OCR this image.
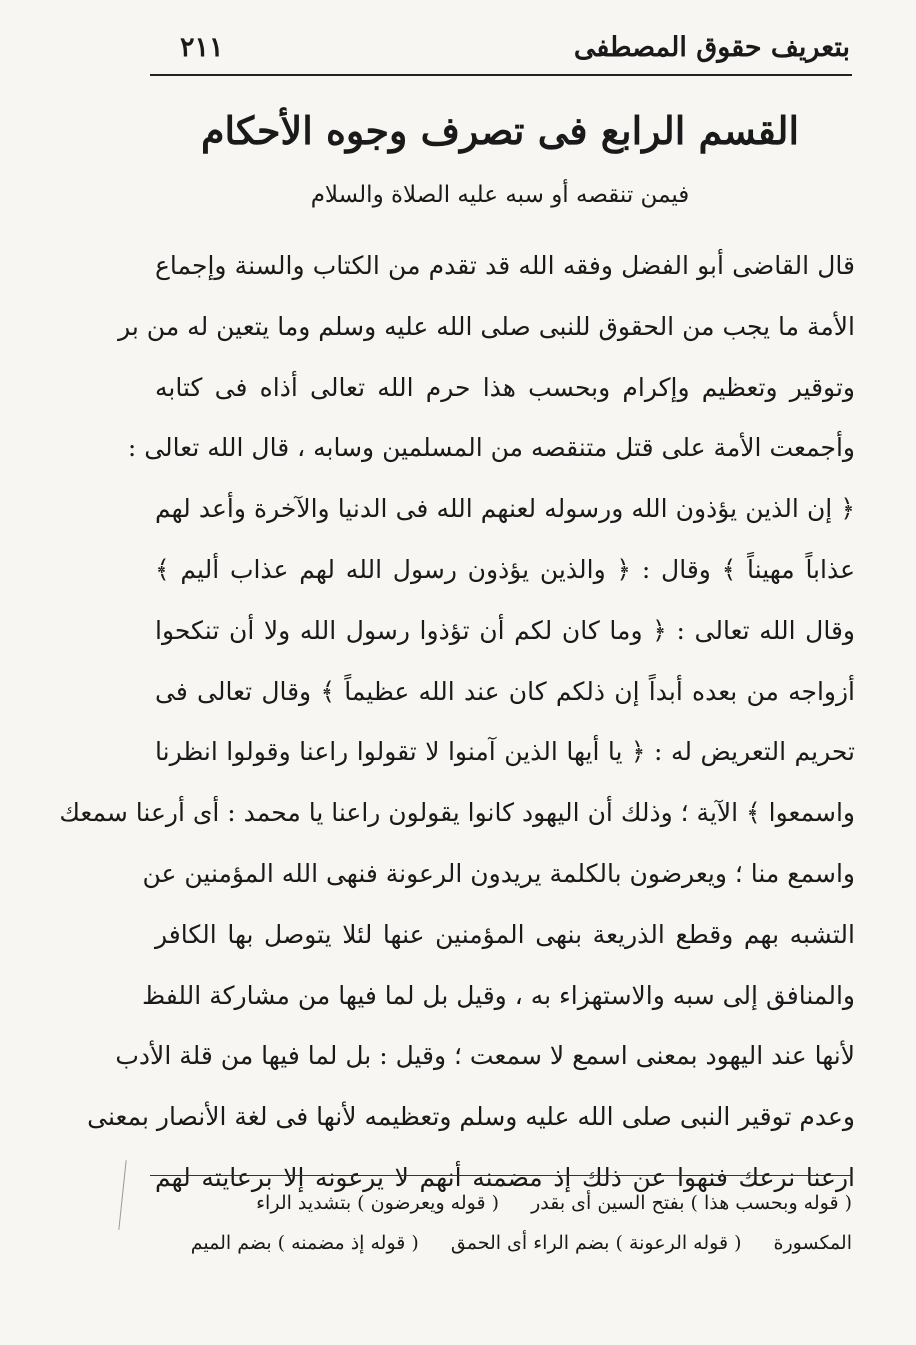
بتعريف حقوق المصطفى
٢١١
القسم الرابع فى تصرف وجوه الأحكام
فيمن تنقصه أو سبه عليه الصلاة والسلام
قال القاضى أبو الفضل وفقه الله قد تقدم من الكتاب والسنة وإجماع
الأمة ما يجب من الحقوق للنبى صلى الله عليه وسلم وما يتعين له من بر
وتوقير وتعظيم وإكرام وبحسب هذا حرم الله تعالى أذاه فى كتابه
وأجمعت الأمة على قتل متنقصه من المسلمين وسابه ، قال الله تعالى :
﴿ إن الذين يؤذون الله ورسوله لعنهم الله فى الدنيا والآخرة وأعد لهم
عذاباً مهيناً ﴾ وقال : ﴿ والذين يؤذون رسول الله لهم عذاب أليم ﴾
وقال الله تعالى : ﴿ وما كان لكم أن تؤذوا رسول الله ولا أن تنكحوا
أزواجه من بعده أبداً إن ذلكم كان عند الله عظيماً ﴾ وقال تعالى فى
تحريم التعريض له : ﴿ يا أيها الذين آمنوا لا تقولوا راعنا وقولوا انظرنا
واسمعوا ﴾ الآية ؛ وذلك أن اليهود كانوا يقولون راعنا يا محمد : أى أرعنا سمعك
واسمع منا ؛ ويعرضون بالكلمة يريدون الرعونة فنهى الله المؤمنين عن
التشبه بهم وقطع الذريعة بنهى المؤمنين عنها لئلا يتوصل بها الكافر
والمنافق إلى سبه والاستهزاء به ، وقيل بل لما فيها من مشاركة اللفظ
لأنها عند اليهود بمعنى اسمع لا سمعت ؛ وقيل : بل لما فيها من قلة الأدب
وعدم توقير النبى صلى الله عليه وسلم وتعظيمه لأنها فى لغة الأنصار بمعنى
ارعنا نرعك فنهوا عن ذلك إذ مضمنه أنهم لا يرعونه إلا برعايته لهم
( قوله وبحسب هذا ) بفتح السين أى بقدر ( قوله ويعرضون ) بتشديد الراء
المكسورة ( قوله الرعونة ) بضم الراء أى الحمق ( قوله إذ مضمنه ) بضم الميم
